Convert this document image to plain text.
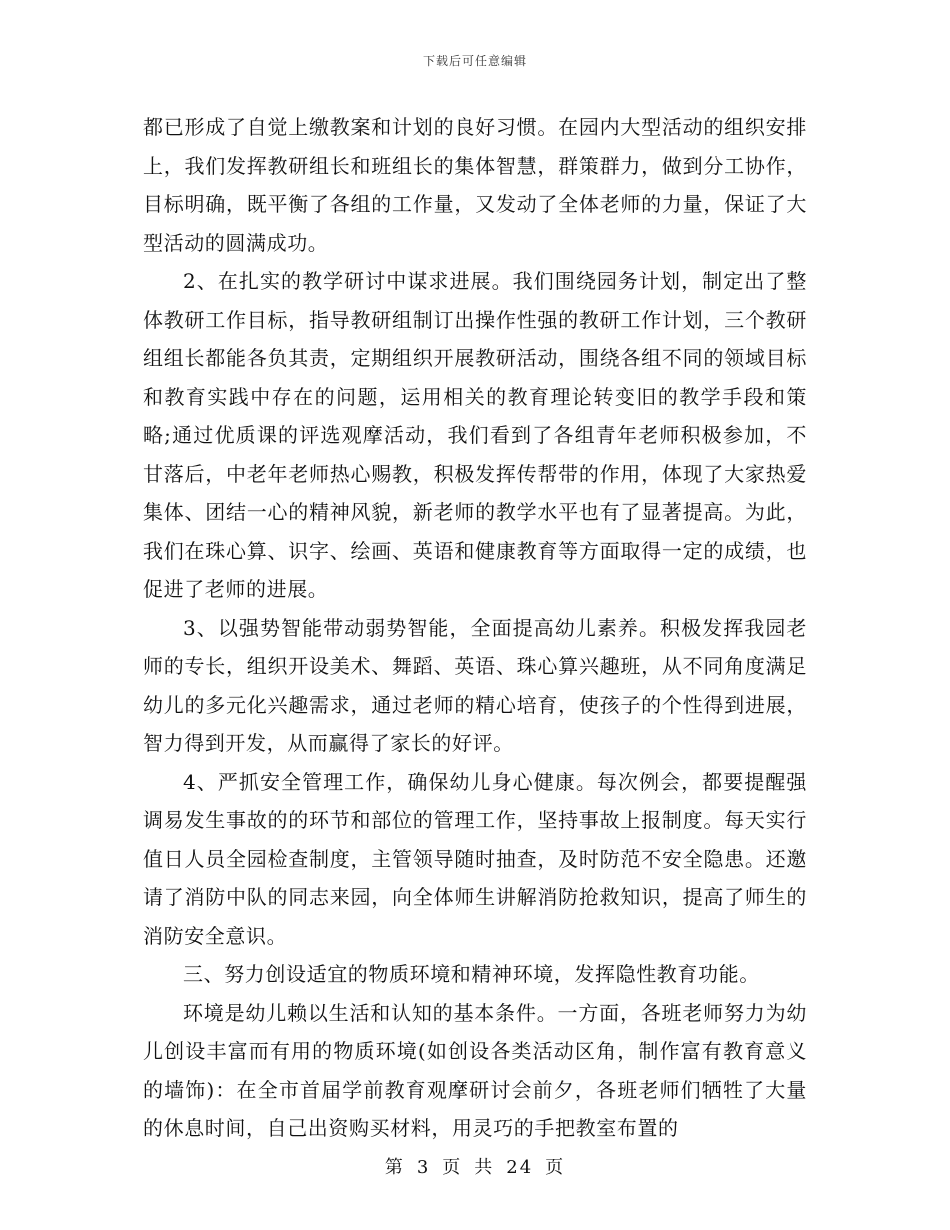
下载后可任意编辑

都已形成了自觉上缴教案和计划的良好习惯。在园内大型活动的组织安排上，我们发挥教研组长和班组长的集体智慧，群策群力，做到分工协作，目标明确，既平衡了各组的工作量，又发动了全体老师的力量，保证了大型活动的圆满成功。

2、在扎实的教学研讨中谋求进展。我们围绕园务计划，制定出了整体教研工作目标，指导教研组制订出操作性强的教研工作计划，三个教研组组长都能各负其责，定期组织开展教研活动，围绕各组不同的领域目标和教育实践中存在的问题，运用相关的教育理论转变旧的教学手段和策略;通过优质课的评选观摩活动，我们看到了各组青年老师积极参加，不甘落后，中老年老师热心赐教，积极发挥传帮带的作用，体现了大家热爱集体、团结一心的精神风貌，新老师的教学水平也有了显著提高。为此，我们在珠心算、识字、绘画、英语和健康教育等方面取得一定的成绩，也促进了老师的进展。

3、以强势智能带动弱势智能，全面提高幼儿素养。积极发挥我园老师的专长，组织开设美术、舞蹈、英语、珠心算兴趣班，从不同角度满足幼儿的多元化兴趣需求，通过老师的精心培育，使孩子的个性得到进展，智力得到开发，从而赢得了家长的好评。

4、严抓安全管理工作，确保幼儿身心健康。每次例会，都要提醒强调易发生事故的的环节和部位的管理工作，坚持事故上报制度。每天实行值日人员全园检查制度，主管领导随时抽查，及时防范不安全隐患。还邀请了消防中队的同志来园，向全体师生讲解消防抢救知识，提高了师生的消防安全意识。

三、努力创设适宜的物质环境和精神环境，发挥隐性教育功能。

环境是幼儿赖以生活和认知的基本条件。一方面，各班老师努力为幼儿创设丰富而有用的物质环境(如创设各类活动区角，制作富有教育意义的墙饰)：在全市首届学前教育观摩研讨会前夕，各班老师们牺牲了大量的休息时间，自己出资购买材料，用灵巧的手把教室布置的

第 3 页 共 24 页
